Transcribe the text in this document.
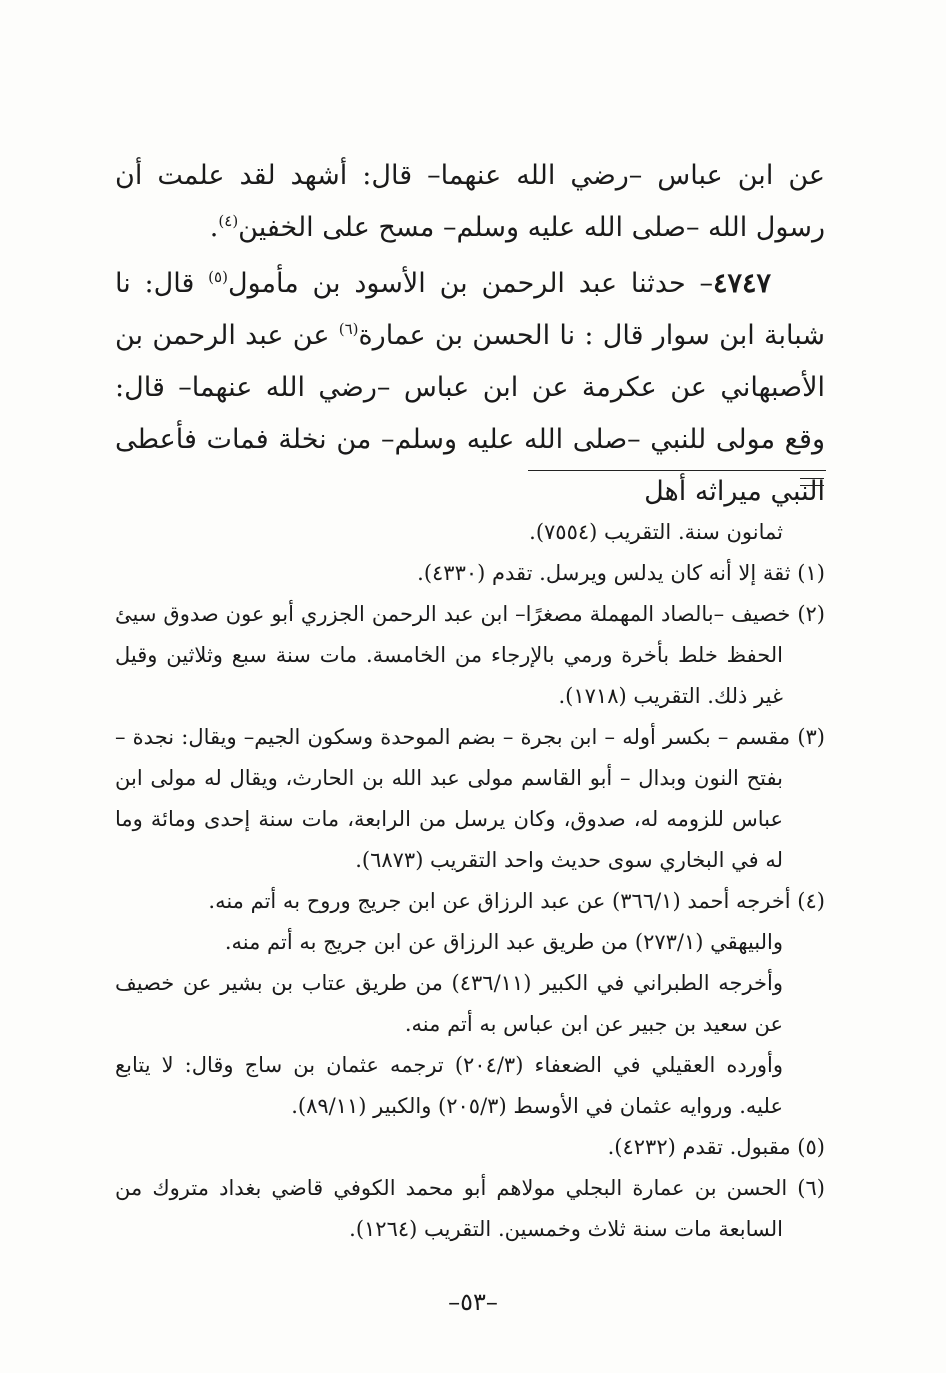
عن ابن عباس –رضي الله عنهما– قال: أشهد لقد علمت أن رسول الله –صلى الله عليه وسلم– مسح على الخفين$^{(٤)}$.

٤٧٤٧– حدثنا عبد الرحمن بن الأسود بن مأمول$^{(٥)}$ قال: نا شبابة ابن سوار قال : نا الحسن بن عمارة$^{(٦)}$ عن عبد الرحمن بن الأصبهاني عن عكرمة عن ابن عباس –رضي الله عنهما– قال: وقع مولى للنبي –صلى الله عليه وسلم– من نخلة فمات فأعطى النبي ميراثه أهل

ثمانون سنة. التقريب (٧٥٥٤).

(١) ثقة إلا أنه كان يدلس ويرسل. تقدم (٤٣٣٠).

(٢) خصيف –بالصاد المهملة مصغرًا– ابن عبد الرحمن الجزري أبو عون صدوق سيئ الحفظ خلط بأخرة ورمي بالإرجاء من الخامسة. مات سنة سبع وثلاثين وقيل غير ذلك. التقريب (١٧١٨).

(٣) مقسم – بكسر أوله – ابن بجرة – بضم الموحدة وسكون الجيم– ويقال: نجدة –بفتح النون وبدال – أبو القاسم مولى عبد الله بن الحارث، ويقال له مولى ابن عباس للزومه له، صدوق، وكان يرسل من الرابعة، مات سنة إحدى ومائة وما له في البخاري سوى حديث واحد التقريب (٦٨٧٣).

(٤) أخرجه أحمد (٣٦٦/١) عن عبد الرزاق عن ابن جريج وروح به أتم منه.

والبيهقي (٢٧٣/١) من طريق عبد الرزاق عن ابن جريج به أتم منه.

وأخرجه الطبراني في الكبير (٤٣٦/١١) من طريق عتاب بن بشير عن خصيف عن سعيد بن جبير عن ابن عباس به أتم منه.

وأورده العقيلي في الضعفاء (٢٠٤/٣) ترجمه عثمان بن ساج وقال: لا يتابع عليه. وروايه عثمان في الأوسط (٢٠٥/٣) والكبير (٨٩/١١).

(٥) مقبول. تقدم (٤٢٣٢).

(٦) الحسن بن عمارة البجلي مولاهم أبو محمد الكوفي قاضي بغداد متروك من السابعة مات سنة ثلاث وخمسين. التقريب (١٢٦٤).

–٥٣–
